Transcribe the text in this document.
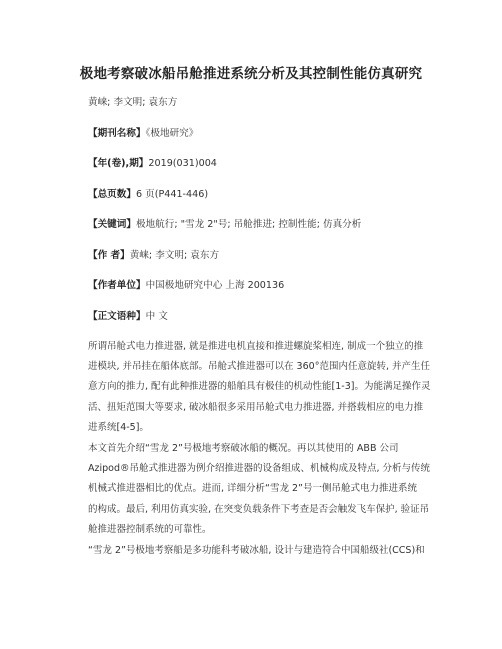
极地考察破冰船吊舱推进系统分析及其控制性能仿真研究
黄崃; 李文明; 袁东方
【期刊名称】《极地研究》
【年(卷),期】2019(031)004
【总页数】6 页(P441-446)
【关键词】极地航行; "雪龙 2"号; 吊舱推进; 控制性能; 仿真分析
【作 者】黄崃; 李文明; 袁东方
【作者单位】中国极地研究中心 上海 200136
【正文语种】中 文
所谓吊舱式电力推进器, 就是推进电机直接和推进螺旋桨相连, 制成一个独立的推
进模块, 并吊挂在船体底部。吊舱式推进器可以在 360°范围内任意旋转, 并产生任
意方向的推力, 配有此种推进器的船舶具有极佳的机动性能[1-3]。为能满足操作灵
活、扭矩范围大等要求, 破冰船很多采用吊舱式电力推进器, 并搭载相应的电力推
进系统[4-5]。
本文首先介绍“雪龙 2”号极地考察破冰船的概况。再以其使用的 ABB 公司
Azipod®吊舱式推进器为例介绍推进器的设备组成、机械构成及特点, 分析与传统
机械式推进器相比的优点。进而, 详细分析“雪龙 2”号一侧吊舱式电力推进系统
的构成。最后, 利用仿真实验, 在突变负载条件下考查是否会触发飞车保护, 验证吊
舱推进器控制系统的可靠性。
“雪龙 2”号极地考察船是多功能科考破冰船, 设计与建造符合中国船级社(CCS)和
